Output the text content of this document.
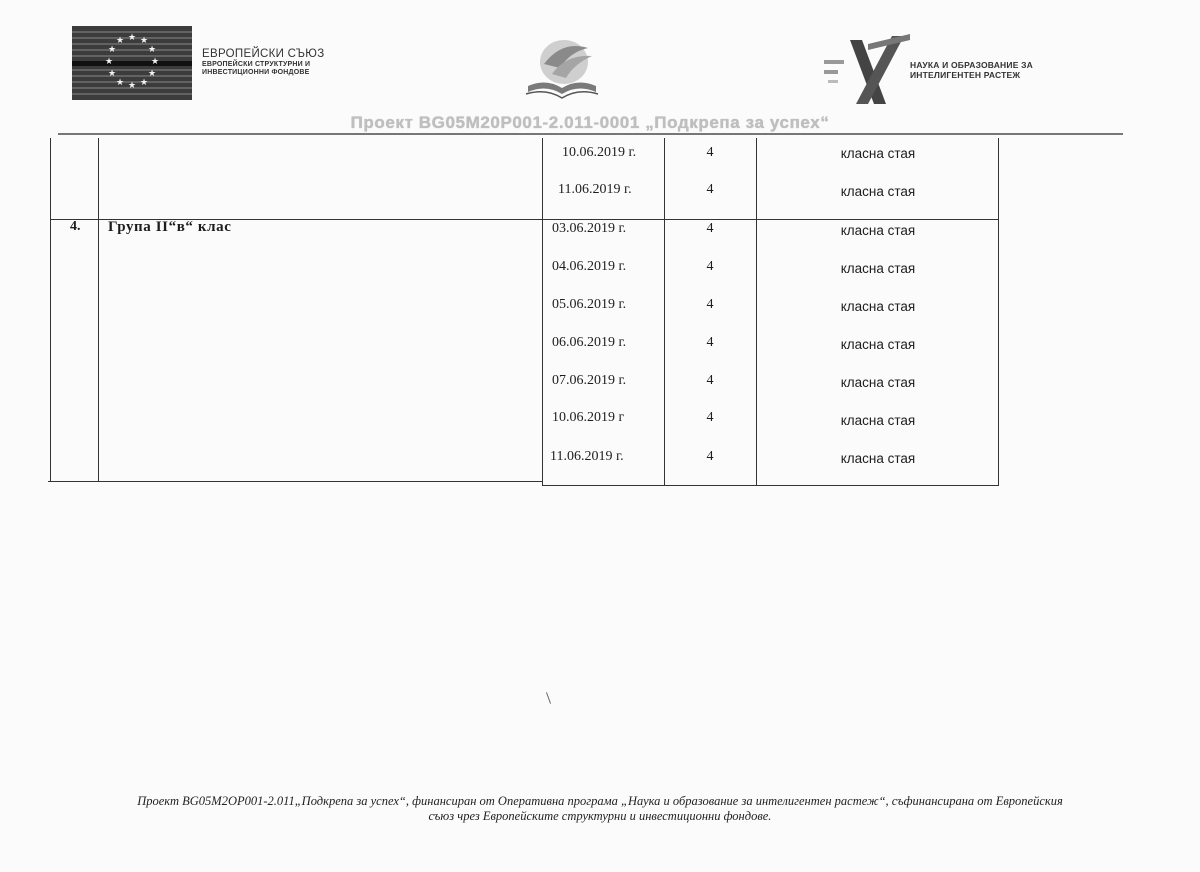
★ ★
★
★
★
★
★
★
★
★
★
★
ЕВРОПЕЙСКИ СЪЮЗ
ЕВРОПЕЙСКИ СТРУКТУРНИ И
ИНВЕСТИЦИОННИ ФОНДОВЕ
НАУКА И ОБРАЗОВАНИЕ ЗА
ИНТЕЛИГЕНТЕН РАСТЕЖ
Проект BG05M20P001-2.011-0001 „Подкрепа за успех“
10.06.2019 г.	4	класна стая
11.06.2019 г.	4	класна стая
4. Група II“в“ клас	03.06.2019 г.	4	класна стая
04.06.2019 г.	4	класна стая
05.06.2019 г.	4	класна стая
06.06.2019 г.	4	класна стая
07.06.2019 г.	4	класна стая
10.06.2019 г	4	класна стая
11.06.2019 г.	4	класна стая
Проект BG05M2OP001-2.011„Подкрепа за успех“, финансиран от Оперативна програма „Наука и образование за интелигентен растеж“, съфинансирана от Европейския
съюз чрез Европейските структурни и инвестиционни фондове.
